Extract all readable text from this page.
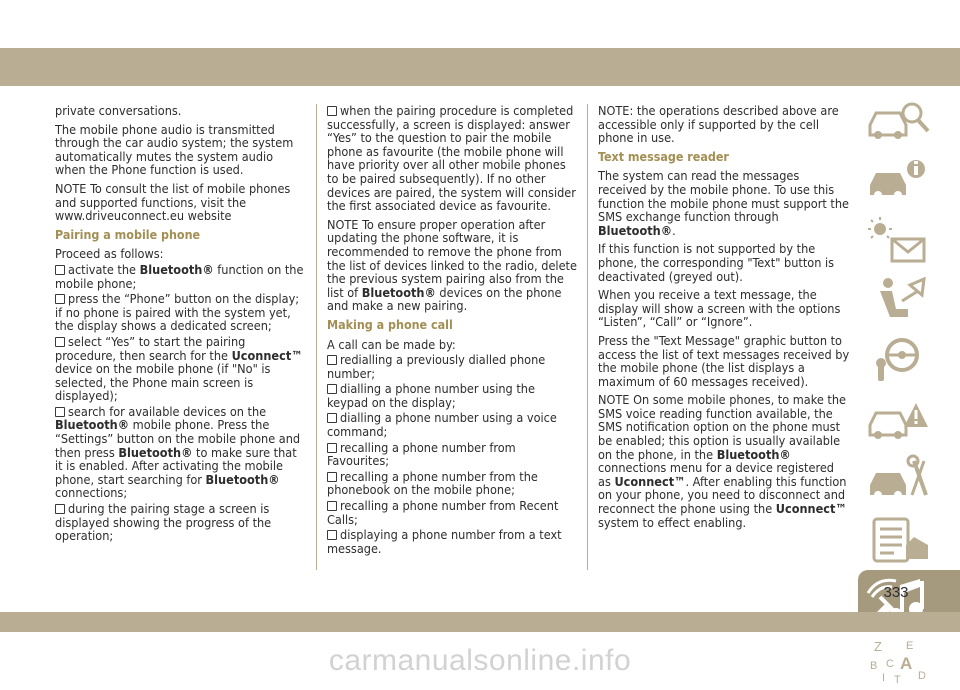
private conversations.

The mobile phone audio is transmitted through the car audio system; the system automatically mutes the system audio when the Phone function is used.

NOTE To consult the list of mobile phones and supported functions, visit the www.driveuconnect.eu website

Pairing a mobile phone

Proceed as follows:

activate the Bluetooth® function on the mobile phone;

press the “Phone” button on the display; if no phone is paired with the system yet, the display shows a dedicated screen;

select “Yes” to start the pairing procedure, then search for the Uconnect™ device on the mobile phone (if "No" is selected, the Phone main screen is displayed);

search for available devices on the Bluetooth® mobile phone. Press the “Settings” button on the mobile phone and then press Bluetooth® to make sure that it is enabled. After activating the mobile phone, start searching for Bluetooth® connections;

during the pairing stage a screen is displayed showing the progress of the operation;

when the pairing procedure is completed successfully, a screen is displayed: answer “Yes” to the question to pair the mobile phone as favourite (the mobile phone will have priority over all other mobile phones to be paired subsequently). If no other devices are paired, the system will consider the first associated device as favourite.

NOTE To ensure proper operation after updating the phone software, it is recommended to remove the phone from the list of devices linked to the radio, delete the previous system pairing also from the list of Bluetooth® devices on the phone and make a new pairing.

Making a phone call

A call can be made by:

redialling a previously dialled phone number;

dialling a phone number using the keypad on the display;

dialling a phone number using a voice command;

recalling a phone number from Favourites;

recalling a phone number from the phonebook on the mobile phone;

recalling a phone number from Recent Calls;

displaying a phone number from a text message.

NOTE: the operations described above are accessible only if supported by the cell phone in use.

Text message reader

The system can read the messages received by the mobile phone. To use this function the mobile phone must support the SMS exchange function through Bluetooth®.

If this function is not supported by the phone, the corresponding "Text" button is deactivated (greyed out).

When you receive a text message, the display will show a screen with the options “Listen”, “Call” or “Ignore”.

Press the "Text Message" graphic button to access the list of text messages received by the mobile phone (the list displays a maximum of 60 messages received).

NOTE On some mobile phones, to make the SMS voice reading function available, the SMS notification option on the phone must be enabled; this option is usually available on the phone, in the Bluetooth® connections menu for a device registered as Uconnect™. After enabling this function on your phone, you need to disconnect and reconnect the phone using the Uconnect™ system to effect enabling.

Z E
B A
I
C
T D
333
carmanualsonline.info
